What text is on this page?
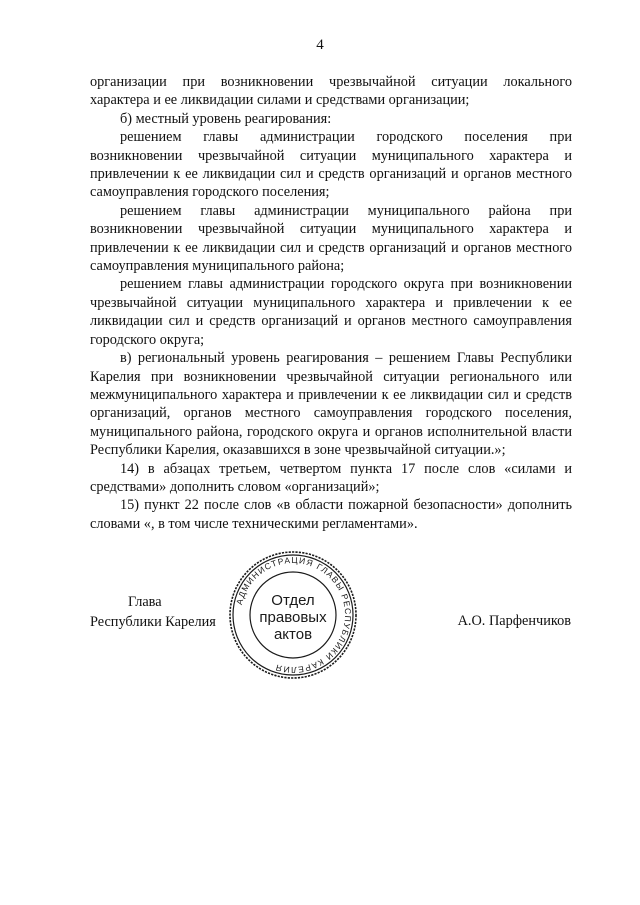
4

организации при возникновении чрезвычайной ситуации локального характера и ее ликвидации силами и средствами организации;

б) местный уровень реагирования:

решением главы администрации городского поселения при возникновении чрезвычайной ситуации муниципального характера и привлечении к ее ликвидации сил и средств организаций и органов местного самоуправления городского поселения;

решением главы администрации муниципального района при возникновении чрезвычайной ситуации муниципального характера и привлечении к ее ликвидации сил и средств организаций и органов местного самоуправления муниципального района;

решением главы администрации городского округа при возникновении чрезвычайной ситуации муниципального характера и привлечении к ее ликвидации сил и средств организаций и органов местного самоуправления городского округа;

в) региональный уровень реагирования – решением Главы Республики Карелия при возникновении чрезвычайной ситуации регионального или межмуниципального характера и привлечении к ее ликвидации сил и средств организаций, органов местного самоуправления городского поселения, муниципального района, городского округа и органов исполнительной власти Республики Карелия, оказавшихся в зоне чрезвычайной ситуации.»;

14) в абзацах третьем, четвертом пункта 17 после слов «силами и средствами» дополнить словом «организаций»;

15) пункт 22 после слов «в области пожарной безопасности» дополнить словами «, в том числе техническими регламентами».

Глава
Республики Карелия
АДМИНИСТРАЦИЯ ГЛАВЫ РЕСПУБЛИКИ КАРЕЛИЯ
Отдел
правовых
актов
А.О. Парфенчиков
